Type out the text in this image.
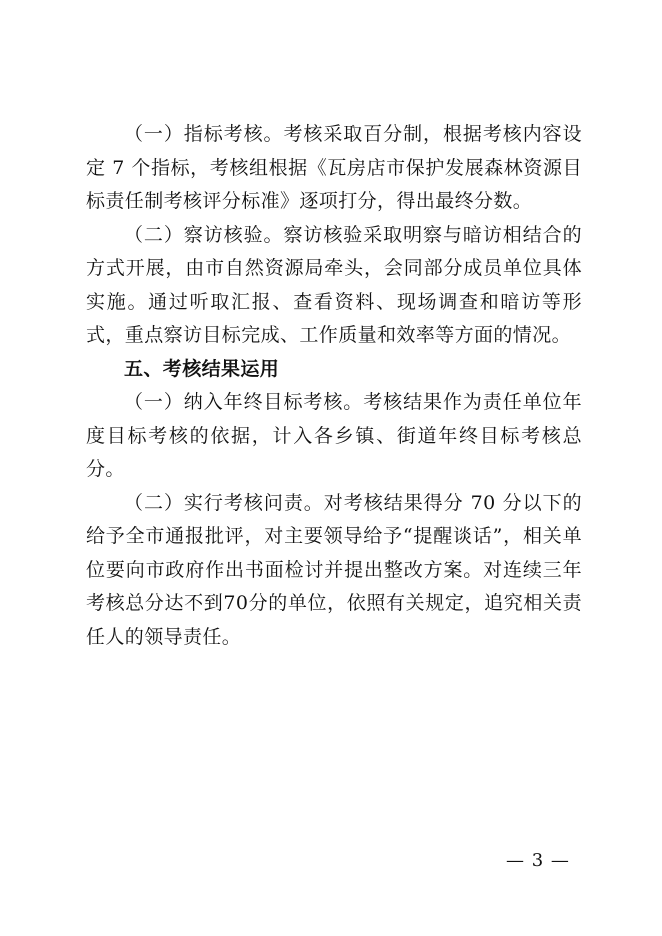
（一）指标考核。考核采取百分制，根据考核内容设定 7 个指标，考核组根据《瓦房店市保护发展森林资源目标责任制考核评分标准》逐项打分，得出最终分数。

（二）察访核验。察访核验采取明察与暗访相结合的方式开展，由市自然资源局牵头，会同部分成员单位具体实施。通过听取汇报、查看资料、现场调查和暗访等形式，重点察访目标完成、工作质量和效率等方面的情况。

五、考核结果运用

（一）纳入年终目标考核。考核结果作为责任单位年度目标考核的依据，计入各乡镇、街道年终目标考核总分。

（二）实行考核问责。对考核结果得分 70 分以下的给予全市通报批评，对主要领导给予“提醒谈话”，相关单位要向市政府作出书面检讨并提出整改方案。对连续三年考核总分达不到70分的单位，依照有关规定，追究相关责任人的领导责任。

— 3 —
